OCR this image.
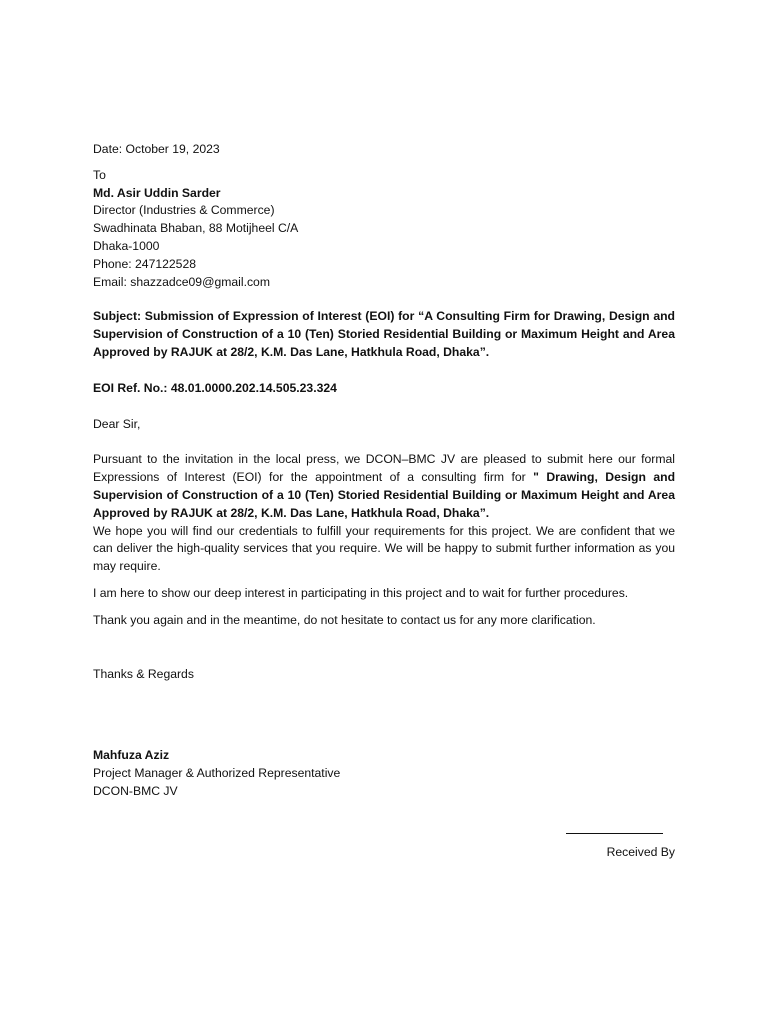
Date: October 19, 2023
To
Md. Asir Uddin Sarder
Director (Industries & Commerce)
Swadhinata Bhaban, 88 Motijheel C/A
Dhaka-1000
Phone: 247122528
Email: shazzadce09@gmail.com
Subject: Submission of Expression of Interest (EOI) for “A Consulting Firm for Drawing, Design and Supervision of Construction of a 10 (Ten) Storied Residential Building or Maximum Height and Area Approved by RAJUK at 28/2, K.M. Das Lane, Hatkhula Road, Dhaka”.
EOI Ref. No.: 48.01.0000.202.14.505.23.324
Dear Sir,

Pursuant to the invitation in the local press, we DCON–BMC JV are pleased to submit here our formal Expressions of Interest (EOI) for the appointment of a consulting firm for " Drawing, Design and Supervision of Construction of a 10 (Ten) Storied Residential Building or Maximum Height and Area Approved by RAJUK at 28/2, K.M. Das Lane, Hatkhula Road, Dhaka”.

We hope you will find our credentials to fulfill your requirements for this project. We are confident that we can deliver the high-quality services that you require. We will be happy to submit further information as you may require.

I am here to show our deep interest in participating in this project and to wait for further procedures.

Thank you again and in the meantime, do not hesitate to contact us for any more clarification.

Thanks & Regards
Mahfuza Aziz
Project Manager & Authorized Representative
DCON-BMC JV
Received By
